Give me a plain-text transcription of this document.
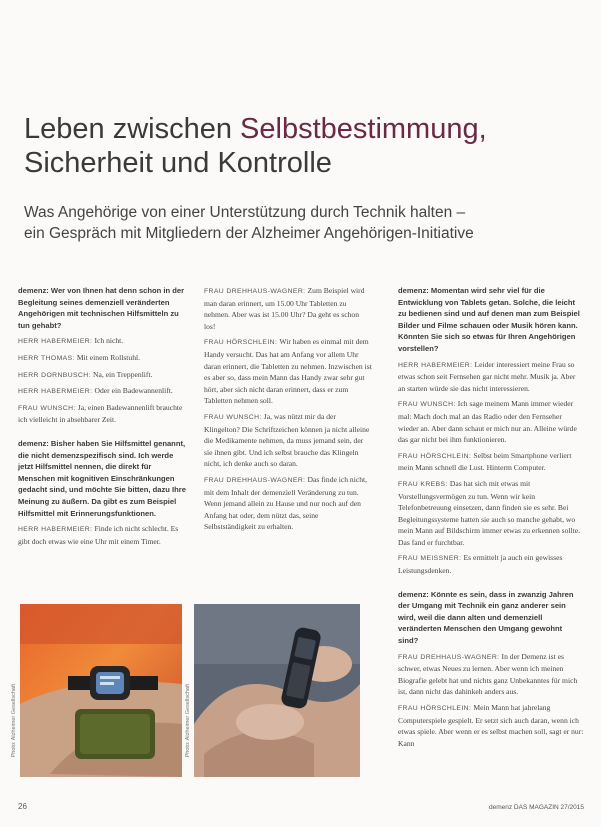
Leben zwischen Selbstbestimmung,
Sicherheit und Kontrolle

Was Angehörige von einer Unterstützung durch Technik halten –
ein Gespräch mit Mitgliedern der Alzheimer Angehörigen-Initiative

demenz: Wer von Ihnen hat denn schon in der Begleitung seines demenziell veränderten Angehörigen mit technischen Hilfsmitteln zu tun gehabt?

HERR HABERMEIER: Ich nicht.

HERR THOMAS: Mit einem Rollstuhl.

HERR DORNBUSCH: Na, ein Treppenlift.

HERR HABERMEIER: Oder ein Badewannenlift.

FRAU WUNSCH: Ja, einen Badewannenlift brauchte ich vielleicht in absehbarer Zeit.

demenz: Bisher haben Sie Hilfsmittel genannt, die nicht demenzspezifisch sind. Ich werde jetzt Hilfsmittel nennen, die direkt für Menschen mit kognitiven Einschränkungen gedacht sind, und möchte Sie bitten, dazu Ihre Meinung zu äußern. Da gibt es zum Beispiel Hilfsmittel mit Erinnerungsfunktionen.

HERR HABERMEIER: Finde ich nicht schlecht. Es gibt doch etwas wie eine Uhr mit einem Timer.

FRAU DREHHAUS-WAGNER: Zum Beispiel wird man daran erinnert, um 15.00 Uhr Tabletten zu nehmen. Aber was ist 15.00 Uhr? Da geht es schon los!

FRAU HÖRSCHLEIN: Wir haben es einmal mit dem Handy versucht. Das hat am Anfang vor allem Uhr daran erinnert, die Tabletten zu nehmen. Inzwischen ist es aber so, dass mein Mann das Handy zwar sehr gut hört, aber sich nicht daran erinnert, dass er zum Tabletten nehmen soll.

FRAU WUNSCH: Ja, was nützt mir da der Klingelton? Die Schriftzeichen können ja nicht alleine die Medikamente nehmen, da muss jemand sein, der sie ihnen gibt. Und ich selbst brauche das Klingeln nicht, ich denke auch so daran.

FRAU DREHHAUS-WAGNER: Das finde ich nicht, mit dem Inhalt der demenziell Veränderung zu tun. Wenn jemand allein zu Hause und nur noch auf den Anfang hat oder, dem nützt das, seine Selbstständigkeit zu erhalten.

demenz: Momentan wird sehr viel für die Entwicklung von Tablets getan. Solche, die leicht zu bedienen sind und auf denen man zum Beispiel Bilder und Filme schauen oder Musik hören kann. Könnten Sie sich so etwas für Ihren Angehörigen vorstellen?

HERR HABERMEIER: Leider interessiert meine Frau so etwas schon seit Fernsehen gar nicht mehr. Musik ja. Aber an starten würde sie das nicht interessieren.

FRAU WUNSCH: Ich sage meinem Mann immer wieder mal: Mach doch mal an das Radio oder den Fernseher wieder an. Aber dann schaut er mich nur an. Alleine würde das gar nicht bei ihm funktionieren.

FRAU HÖRSCHLEIN: Selbst beim Smartphone verliert mein Mann schnell die Lust. Hinterm Computer.

FRAU KREBS: Das hat sich mit etwas mit Vorstellungsvermögen zu tun. Wenn wir kein Telefonbetreuung einsetzen, dann finden sie es sehr. Bei Begleitungssysteme hatten sie auch so manche gehabt, wo mein Mann auf Bildschirm immer etwas zu erkennen sollte. Das fand er furchtbar.

FRAU MEISSNER: Es ermittelt ja auch ein gewisses Leistungsdenken.

demenz: Könnte es sein, dass in zwanzig Jahren der Umgang mit Technik ein ganz anderer sein wird, weil die dann alten und demenziell veränderten Menschen den Umgang gewohnt sind?

FRAU DREHHAUS-WAGNER: In der Demenz ist es schwer, etwas Neues zu lernen. Aber wenn ich meinen Biografie gelebt hat und nichts ganz Unbekanntes für mich ist, dann nicht das dahinkeh anders aus.

FRAU HÖRSCHLEIN: Mein Mann hat jahrelang Computerspiele gespielt. Er setzt sich auch daran, wenn ich etwas spiele. Aber wenn er es selbst machen soll, sagt er nur: Kann

Photo: Alzheimer Gesellschaft	Photo: Alzheimer Gesellschaft
26	demenz DAS MAGAZIN 27/2015
